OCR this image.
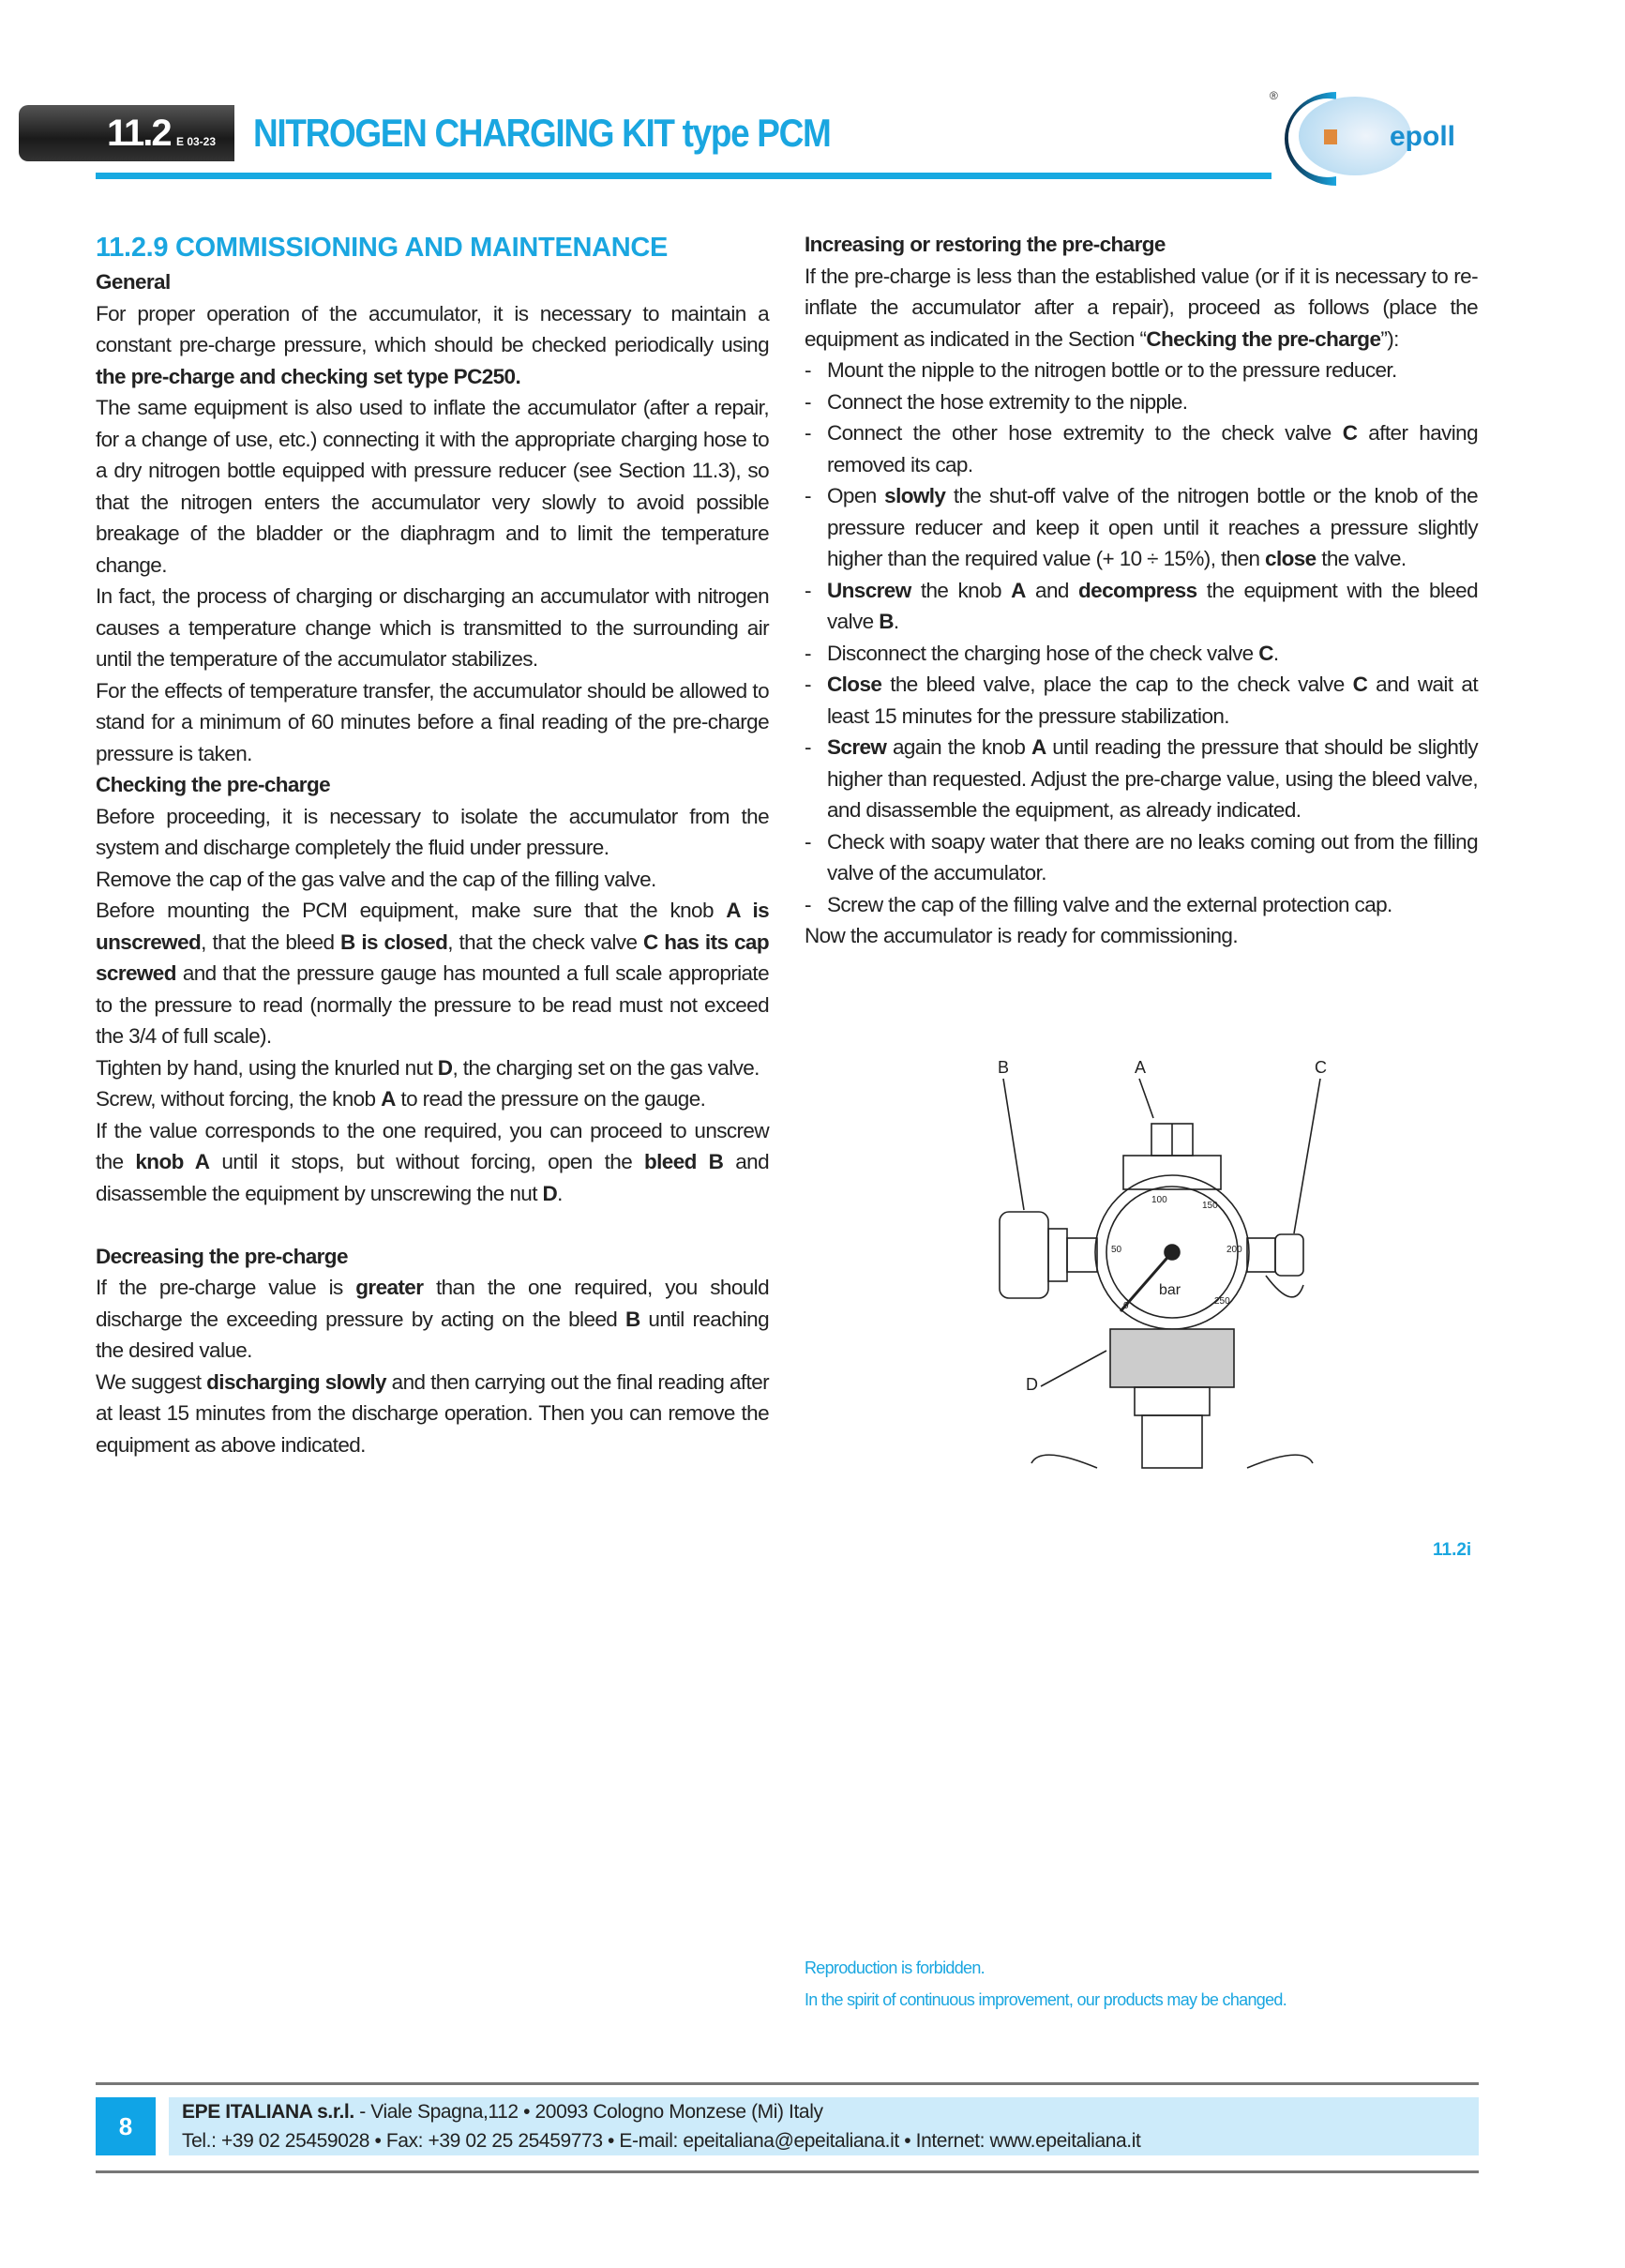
11.2 E 03-23 NITROGEN CHARGING KIT type PCM
®
epoll
11.2.9 COMMISSIONING AND MAINTENANCE
General

For proper operation of the accumulator, it is necessary to maintain a constant pre-charge pressure, which should be checked periodically using the pre-charge and checking set type PC250.

The same equipment is also used to inflate the accumulator (after a repair, for a change of use, etc.) connecting it with the appropriate charging hose to a dry nitrogen bottle equipped with pressure reducer (see Section 11.3), so that the nitrogen enters the accumulator very slowly to avoid possible breakage of the bladder or the diaphragm and to limit the temperature change.

In fact, the process of charging or discharging an accumulator with nitrogen causes a temperature change which is transmitted to the surrounding air until the temperature of the accumulator stabilizes.

For the effects of temperature transfer, the accumulator should be allowed to stand for a minimum of 60 minutes before a final reading of the pre-charge pressure is taken.

Checking the pre-charge

Before proceeding, it is necessary to isolate the accumulator from the system and discharge completely the fluid under pressure.

Remove the cap of the gas valve and the cap of the filling valve.

Before mounting the PCM equipment, make sure that the knob A is unscrewed, that the bleed B is closed, that the check valve C has its cap screwed and that the pressure gauge has mounted a full scale appropriate to the pressure to read (normally the pressure to be read must not exceed the 3/4 of full scale).

Tighten by hand, using the knurled nut D, the charging set on the gas valve.

Screw, without forcing, the knob A to read the pressure on the gauge.

If the value corresponds to the one required, you can proceed to unscrew the knob A until it stops, but without forcing, open the bleed B and disassemble the equipment by unscrewing the nut D.

Decreasing the pre-charge

If the pre-charge value is greater than the one required, you should discharge the exceeding pressure by acting on the bleed B until reaching the desired value.

We suggest discharging slowly and then carrying out the final reading after at least 15 minutes from the discharge operation. Then you can remove the equipment as above indicated.

Increasing or restoring the pre-charge

If the pre-charge is less than the established value (or if it is necessary to re-inflate the accumulator after a repair), proceed as follows (place the equipment as indicated in the Section “Checking the pre-charge”):

- Mount the nipple to the nitrogen bottle or to the pressure reducer.
- Connect the hose extremity to the nipple.
- Connect the other hose extremity to the check valve C after having removed its cap.
- Open slowly the shut-off valve of the nitrogen bottle or the knob of the pressure reducer and keep it open until it reaches a pressure slightly higher than the required value (+ 10 ÷ 15%), then close the valve.
- Unscrew the knob A and decompress the equipment with the bleed valve B.
- Disconnect the charging hose of the check valve C.
- Close the bleed valve, place the cap to the check valve C and wait at least 15 minutes for the pressure stabilization.
- Screw again the knob A until reading the pressure that should be slightly higher than requested. Adjust the pre-charge value, using the bleed valve, and disassemble the equipment, as already indicated.
- Check with soapy water that there are no leaks coming out from the filling valve of the accumulator.
- Screw the cap of the filling valve and the external protection cap.

Now the accumulator is ready for commissioning.

B	A	C
D
bar
50
100
150
200
250
0
11.2i
Reproduction is forbidden.
In the spirit of continuous improvement, our products may be changed.
8
EPE ITALIANA s.r.l. - Viale Spagna,112 • 20093 Cologno Monzese (Mi) Italy
Tel.: +39 02 25459028 • Fax: +39 02 25 25459773 • E-mail: epeitaliana@epeitaliana.it • Internet: www.epeitaliana.it
